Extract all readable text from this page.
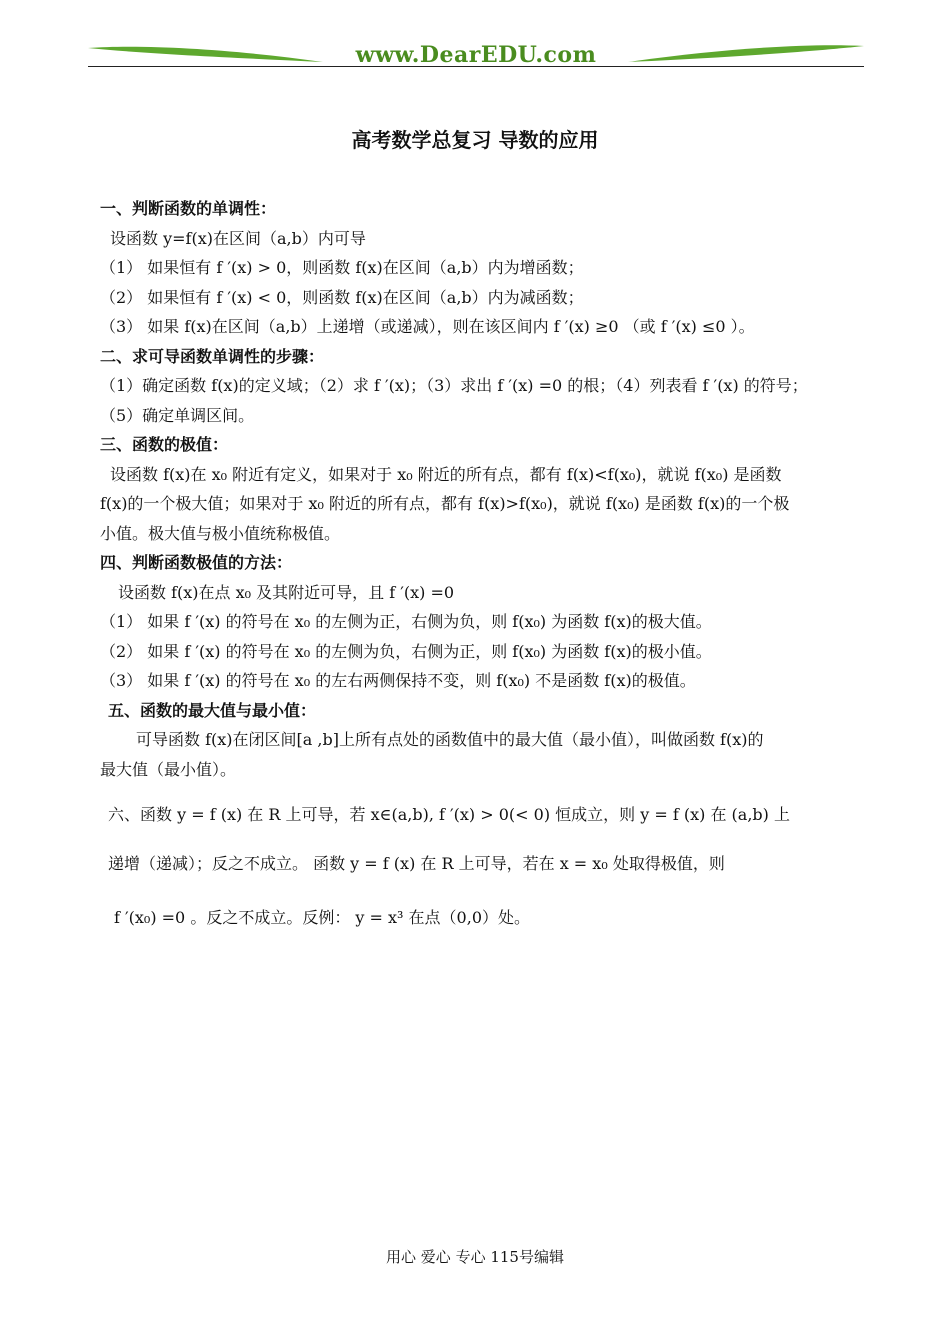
www.DearEDU.com
高考数学总复习 导数的应用
一、判断函数的单调性：
设函数 y=f(x)在区间（a,b）内可导
（1） 如果恒有 f ′(x) > 0，则函数 f(x)在区间（a,b）内为增函数；
（2） 如果恒有 f ′(x) < 0，则函数 f(x)在区间（a,b）内为减函数；
（3） 如果 f(x)在区间（a,b）上递增（或递减），则在该区间内 f ′(x) ≥0 （或 f ′(x) ≤0 ）。
二、求可导函数单调性的步骤：
（1）确定函数 f(x)的定义域；（2）求 f ′(x)；（3）求出 f ′(x) =0 的根；（4）列表看 f ′(x) 的符号；
（5）确定单调区间。
三、函数的极值：
设函数 f(x)在 x₀ 附近有定义，如果对于 x₀ 附近的所有点，都有 f(x)<f(x₀)，就说 f(x₀) 是函数
f(x)的一个极大值；如果对于 x₀ 附近的所有点，都有 f(x)>f(x₀)，就说 f(x₀) 是函数 f(x)的一个极
小值。极大值与极小值统称极值。
四、判断函数极值的方法：
设函数 f(x)在点 x₀ 及其附近可导，且 f ′(x) =0
（1） 如果 f ′(x) 的符号在 x₀ 的左侧为正，右侧为负，则 f(x₀) 为函数 f(x)的极大值。
（2） 如果 f ′(x) 的符号在 x₀ 的左侧为负，右侧为正，则 f(x₀) 为函数 f(x)的极小值。
（3） 如果 f ′(x) 的符号在 x₀ 的左右两侧保持不变，则 f(x₀) 不是函数 f(x)的极值。
五、函数的最大值与最小值：
可导函数 f(x)在闭区间[a ,b]上所有点处的函数值中的最大值（最小值），叫做函数 f(x)的
最大值（最小值）。
六、函数 y = f (x) 在 R 上可导，若 x∈(a,b), f ′(x) > 0(< 0) 恒成立，则 y = f (x) 在 (a,b) 上
递增（递减）；反之不成立。 函数 y = f (x) 在 R 上可导，若在 x = x₀ 处取得极值，则
f ′(x₀) =0 。反之不成立。反例： y = x³ 在点（0,0）处。
用心 爱心 专心 115号编辑
